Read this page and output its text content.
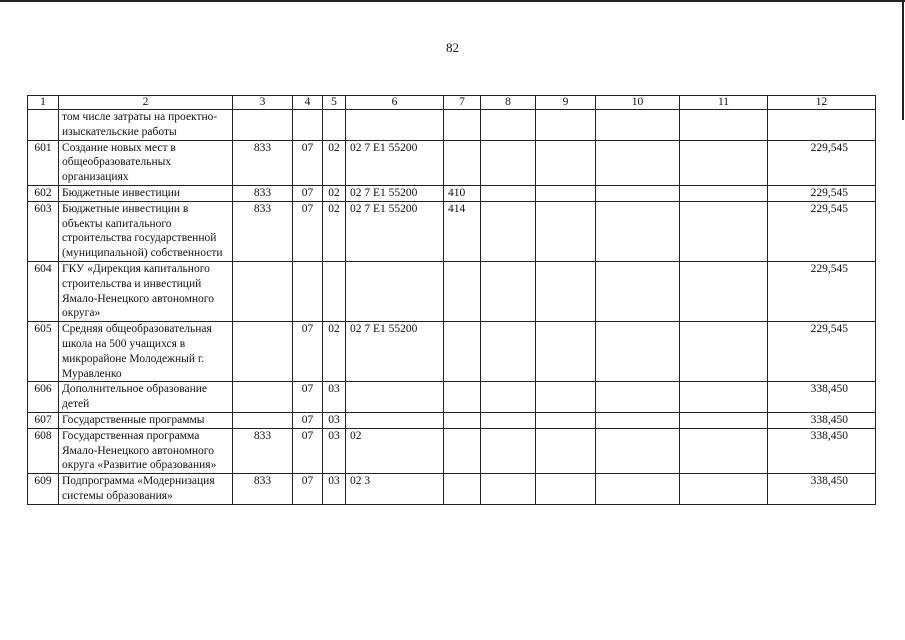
82
1	2	3	4	5	6	7	8	9	10	11	12
	том числе затраты на проектно-изыскательские работы										
601	Создание новых мест в общеобразовательных организациях	833	07	02	02 7 E1 55200						229,545
602	Бюджетные инвестиции	833	07	02	02 7 E1 55200	410					229,545
603	Бюджетные инвестиции в объекты капитального строительства государственной (муниципальной) собственности	833	07	02	02 7 E1 55200	414					229,545
604	ГКУ «Дирекция капитального строительства и инвестиций Ямало-Ненецкого автономного округа»										229,545
605	Средняя общеобразовательная школа на 500 учащихся в микрорайоне Молодежный г. Муравленко		07	02	02 7 E1 55200						229,545
606	Дополнительное образование детей		07	03							338,450
607	Государственные программы		07	03							338,450
608	Государственная программа Ямало-Ненецкого автономного округа «Развитие образования»	833	07	03	02						338,450
609	Подпрограмма «Модернизация системы образования»	833	07	03	02 3						338,450
